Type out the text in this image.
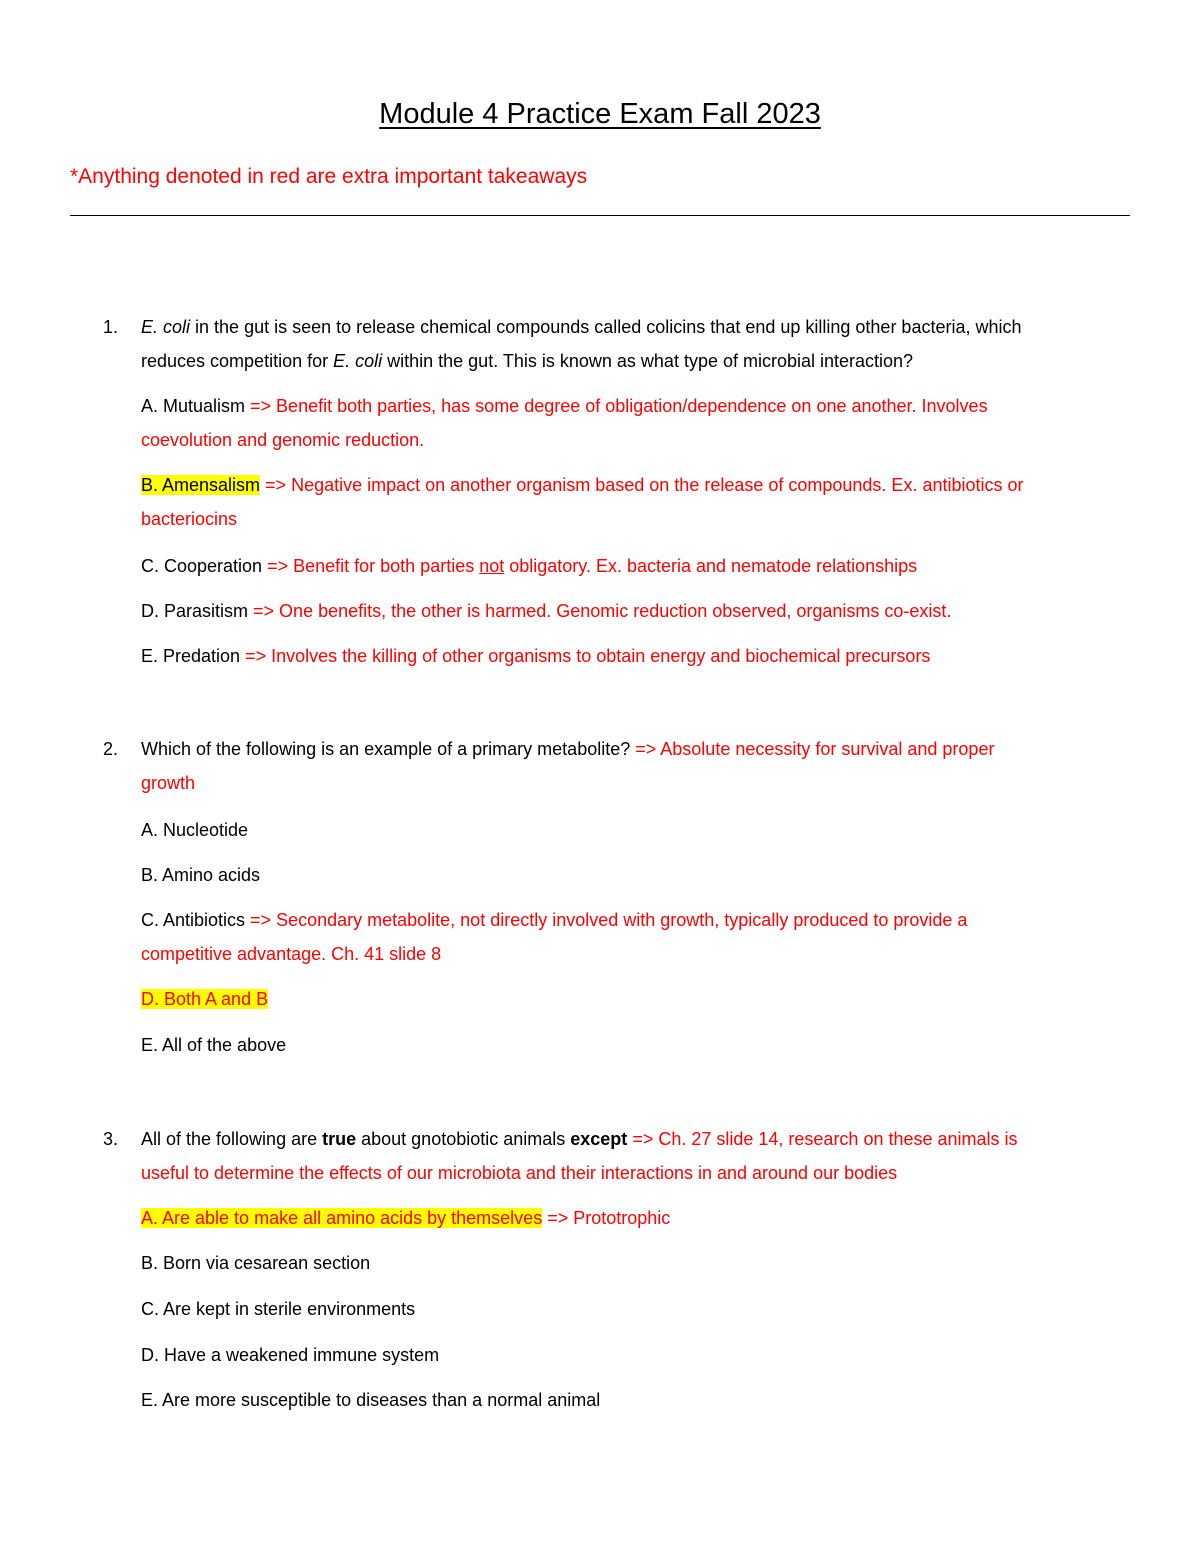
Module 4 Practice Exam Fall 2023
*Anything denoted in red are extra important takeaways
1. E. coli in the gut is seen to release chemical compounds called colicins that end up killing other bacteria, which
reduces competition for E. coli within the gut. This is known as what type of microbial interaction?
A. Mutualism => Benefit both parties, has some degree of obligation/dependence on one another. Involves
coevolution and genomic reduction.
B. Amensalism => Negative impact on another organism based on the release of compounds. Ex. antibiotics or
bacteriocins
C. Cooperation => Benefit for both parties not obligatory. Ex. bacteria and nematode relationships
D. Parasitism => One benefits, the other is harmed. Genomic reduction observed, organisms co-exist.
E. Predation => Involves the killing of other organisms to obtain energy and biochemical precursors
2. Which of the following is an example of a primary metabolite? => Absolute necessity for survival and proper
growth
A. Nucleotide
B. Amino acids
C. Antibiotics => Secondary metabolite, not directly involved with growth, typically produced to provide a
competitive advantage. Ch. 41 slide 8
D. Both A and B
E. All of the above
3. All of the following are true about gnotobiotic animals except => Ch. 27 slide 14, research on these animals is
useful to determine the effects of our microbiota and their interactions in and around our bodies
A. Are able to make all amino acids by themselves => Prototrophic
B. Born via cesarean section
C. Are kept in sterile environments
D. Have a weakened immune system
E. Are more susceptible to diseases than a normal animal
